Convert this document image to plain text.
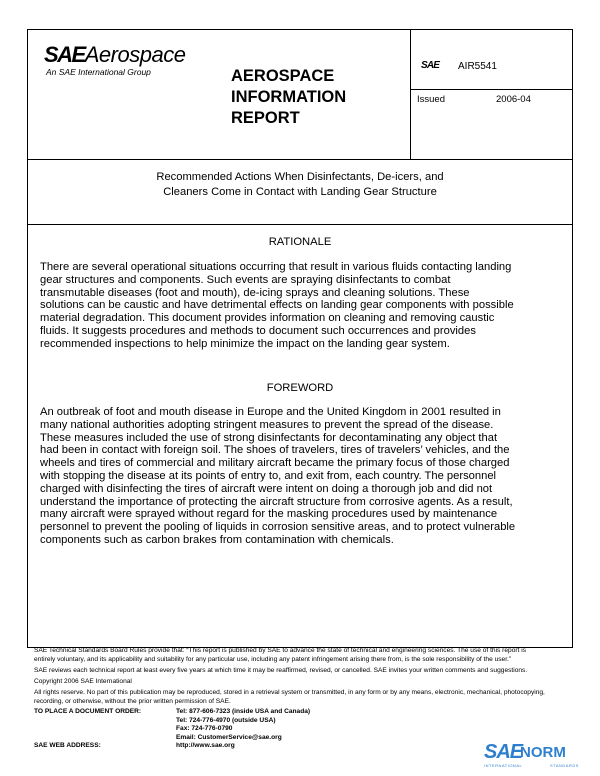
SAEAerospace
An SAE International Group	AEROSPACE
INFORMATION
REPORT
SAE AIR5541
Issued	2006-04
Recommended Actions When Disinfectants, De-icers, and
Cleaners Come in Contact with Landing Gear Structure
RATIONALE
There are several operational situations occurring that result in various fluids contacting landing
gear structures and components. Such events are spraying disinfectants to combat
transmutable diseases (foot and mouth), de-icing sprays and cleaning solutions. These
solutions can be caustic and have detrimental effects on landing gear components with possible
material degradation. This document provides information on cleaning and removing caustic
fluids. It suggests procedures and methods to document such occurrences and provides
recommended inspections to help minimize the impact on the landing gear system.
FOREWORD
An outbreak of foot and mouth disease in Europe and the United Kingdom in 2001 resulted in
many national authorities adopting stringent measures to prevent the spread of the disease.
These measures included the use of strong disinfectants for decontaminating any object that
had been in contact with foreign soil. The shoes of travelers, tires of travelers’ vehicles, and the
wheels and tires of commercial and military aircraft became the primary focus of those charged
with stopping the disease at its points of entry to, and exit from, each country. The personnel
charged with disinfecting the tires of aircraft were intent on doing a thorough job and did not
understand the importance of protecting the aircraft structure from corrosive agents. As a result,
many aircraft were sprayed without regard for the masking procedures used by maintenance
personnel to prevent the pooling of liquids in corrosion sensitive areas, and to protect vulnerable
components such as carbon brakes from contamination with chemicals.
SAE Technical Standards Board Rules provide that: “This report is published by SAE to advance the state of technical and engineering sciences. The use of this report is
entirely voluntary, and its applicability and suitability for any particular use, including any patent infringement arising there from, is the sole responsibility of the user.”
SAE reviews each technical report at least every five years at which time it may be reaffirmed, revised, or cancelled. SAE invites your written comments and suggestions.
Copyright 2006 SAE International
All rights reserve. No part of this publication may be reproduced, stored in a retrieval system or transmitted, in any form or by any means, electronic, mechanical, photocopying,
recording, or otherwise, without the prior written permission of SAE.
TO PLACE A DOCUMENT ORDER:	Tel: 877-606-7323 (inside USA and Canada)
Tel: 724-776-4970 (outside USA)
Fax: 724-776-0790
Email: CustomerService@sae.org
SAE WEB ADDRESS:	http://www.sae.org	SAE
NORM
INTERNATIONAL	STANDARDS
